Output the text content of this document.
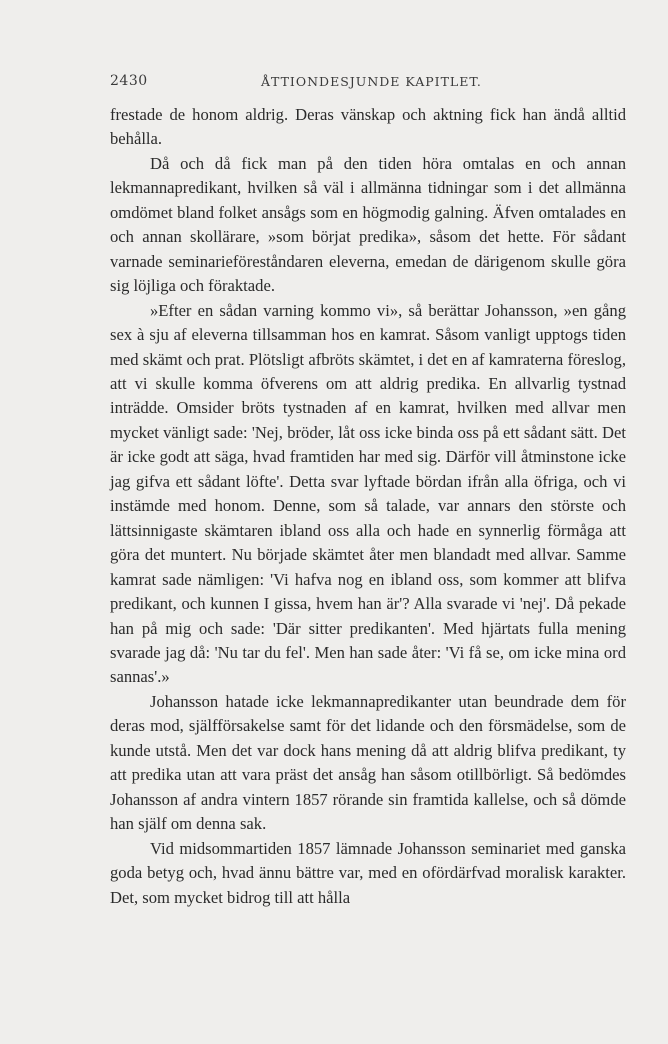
2430	ÅTTIONDESJUNDE KAPITLET.

frestade de honom aldrig. Deras vänskap och aktning fick han ändå alltid behålla.

Då och då fick man på den tiden höra omtalas en och annan lekmannapredikant, hvilken så väl i allmänna tidningar som i det allmänna omdömet bland folket ansågs som en högmodig galning. Äfven omtalades en och annan skollärare, »som börjat predika», såsom det hette. För sådant varnade seminarieföreståndaren eleverna, emedan de därigenom skulle göra sig löjliga och föraktade.

»Efter en sådan varning kommo vi», så berättar Johansson, »en gång sex à sju af eleverna tillsamman hos en kamrat. Såsom vanligt upptogs tiden med skämt och prat. Plötsligt afbröts skämtet, i det en af kamraterna föreslog, att vi skulle komma öfverens om att aldrig predika. En allvarlig tystnad inträdde. Omsider bröts tystnaden af en kamrat, hvilken med allvar men mycket vänligt sade: 'Nej, bröder, låt oss icke binda oss på ett sådant sätt. Det är icke godt att säga, hvad framtiden har med sig. Därför vill åtminstone icke jag gifva ett sådant löfte'. Detta svar lyftade bördan ifrån alla öfriga, och vi instämde med honom. Denne, som så talade, var annars den störste och lättsinnigaste skämtaren ibland oss alla och hade en synnerlig förmåga att göra det muntert. Nu började skämtet åter men blandadt med allvar. Samme kamrat sade nämligen: 'Vi hafva nog en ibland oss, som kommer att blifva predikant, och kunnen I gissa, hvem han är'? Alla svarade vi 'nej'. Då pekade han på mig och sade: 'Där sitter predikanten'. Med hjärtats fulla mening svarade jag då: 'Nu tar du fel'. Men han sade åter: 'Vi få se, om icke mina ord sannas'.»

Johansson hatade icke lekmannapredikanter utan beundrade dem för deras mod, själfförsakelse samt för det lidande och den försmädelse, som de kunde utstå. Men det var dock hans mening då att aldrig blifva predikant, ty att predika utan att vara präst det ansåg han såsom otillbörligt. Så bedömdes Johansson af andra vintern 1857 rörande sin framtida kallelse, och så dömde han själf om denna sak.

Vid midsommartiden 1857 lämnade Johansson seminariet med ganska goda betyg och, hvad ännu bättre var, med en ofördärfvad moralisk karakter. Det, som mycket bidrog till att hålla
